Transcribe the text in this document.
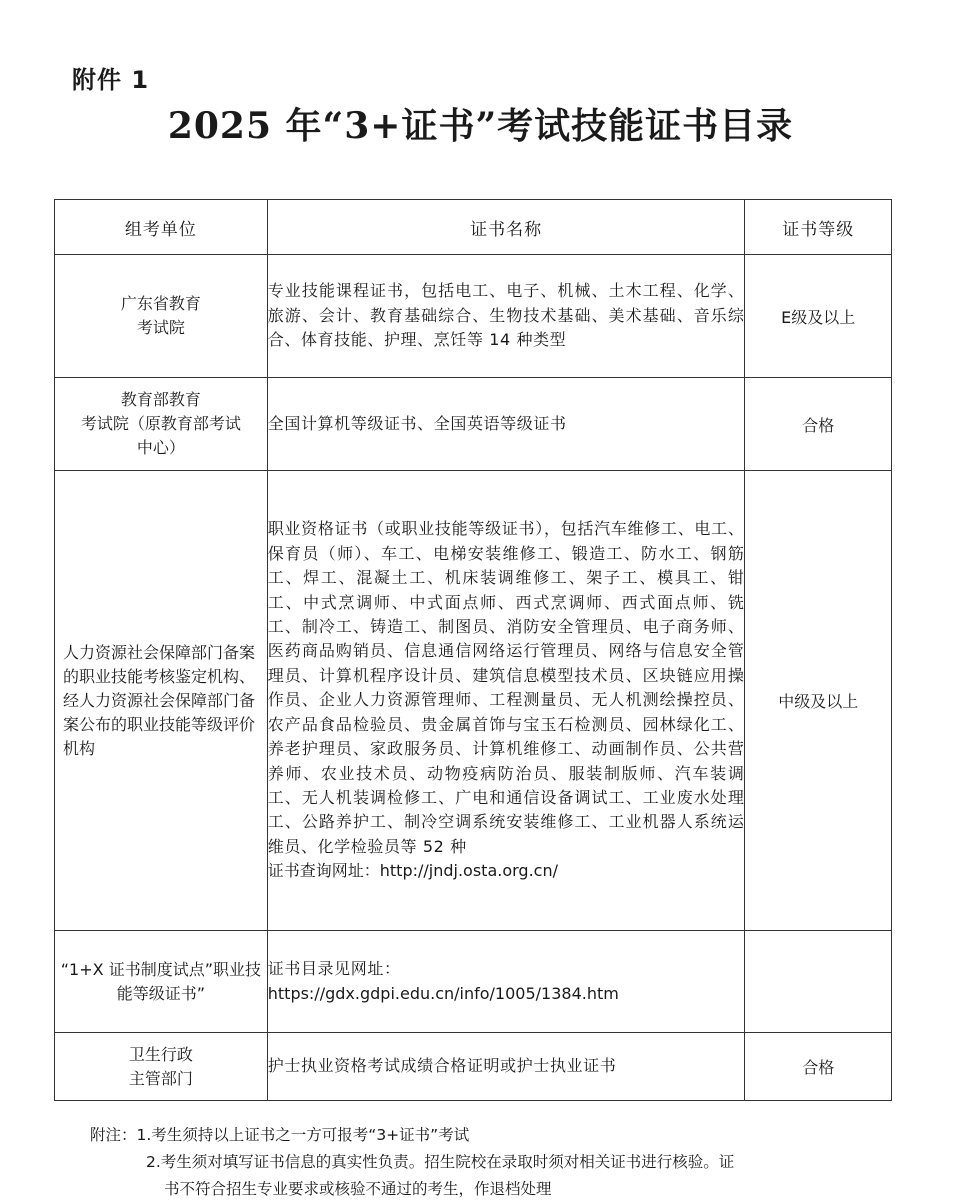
附件 1
2025 年“3+证书”考试技能证书目录
组考单位	证书名称	证书等级
广东省教育
考试院	专业技能课程证书，包括电工、电子、机械、土木工程、化学、旅游、会计、教育基础综合、生物技术基础、美术基础、音乐综合、体育技能、护理、烹饪等 14 种类型	E级及以上
教育部教育
考试院（原教育部考试
中心）	全国计算机等级证书、全国英语等级证书	合格
人力资源社会保障部门备案的职业技能考核鉴定机构、经人力资源社会保障部门备案公布的职业技能等级评价机构	职业资格证书（或职业技能等级证书），包括汽车维修工、电工、保育员（师）、车工、电梯安装维修工、锻造工、防水工、钢筋工、焊工、混凝土工、机床装调维修工、架子工、模具工、钳工、中式烹调师、中式面点师、西式烹调师、西式面点师、铣工、制冷工、铸造工、制图员、消防安全管理员、电子商务师、医药商品购销员、信息通信网络运行管理员、网络与信息安全管理员、计算机程序设计员、建筑信息模型技术员、区块链应用操作员、企业人力资源管理师、工程测量员、无人机测绘操控员、农产品食品检验员、贵金属首饰与宝玉石检测员、园林绿化工、养老护理员、家政服务员、计算机维修工、动画制作员、公共营养师、农业技术员、动物疫病防治员、服装制版师、汽车装调工、无人机装调检修工、广电和通信设备调试工、工业废水处理工、公路养护工、制冷空调系统安装维修工、工业机器人系统运维员、化学检验员等 52 种
证书查询网址：http://jndj.osta.org.cn/	中级及以上
“1+X 证书制度试点”职业技能等级证书”	证书目录见网址：
https://gdx.gdpi.edu.cn/info/1005/1384.htm	

卫生行政
主管部门	护士执业资格考试成绩合格证明或护士执业证书	合格
附注：1.考生须持以上证书之一方可报考“3+证书”考试
2.考生须对填写证书信息的真实性负责。招生院校在录取时须对相关证书进行核验。证
书不符合招生专业要求或核验不通过的考生，作退档处理
